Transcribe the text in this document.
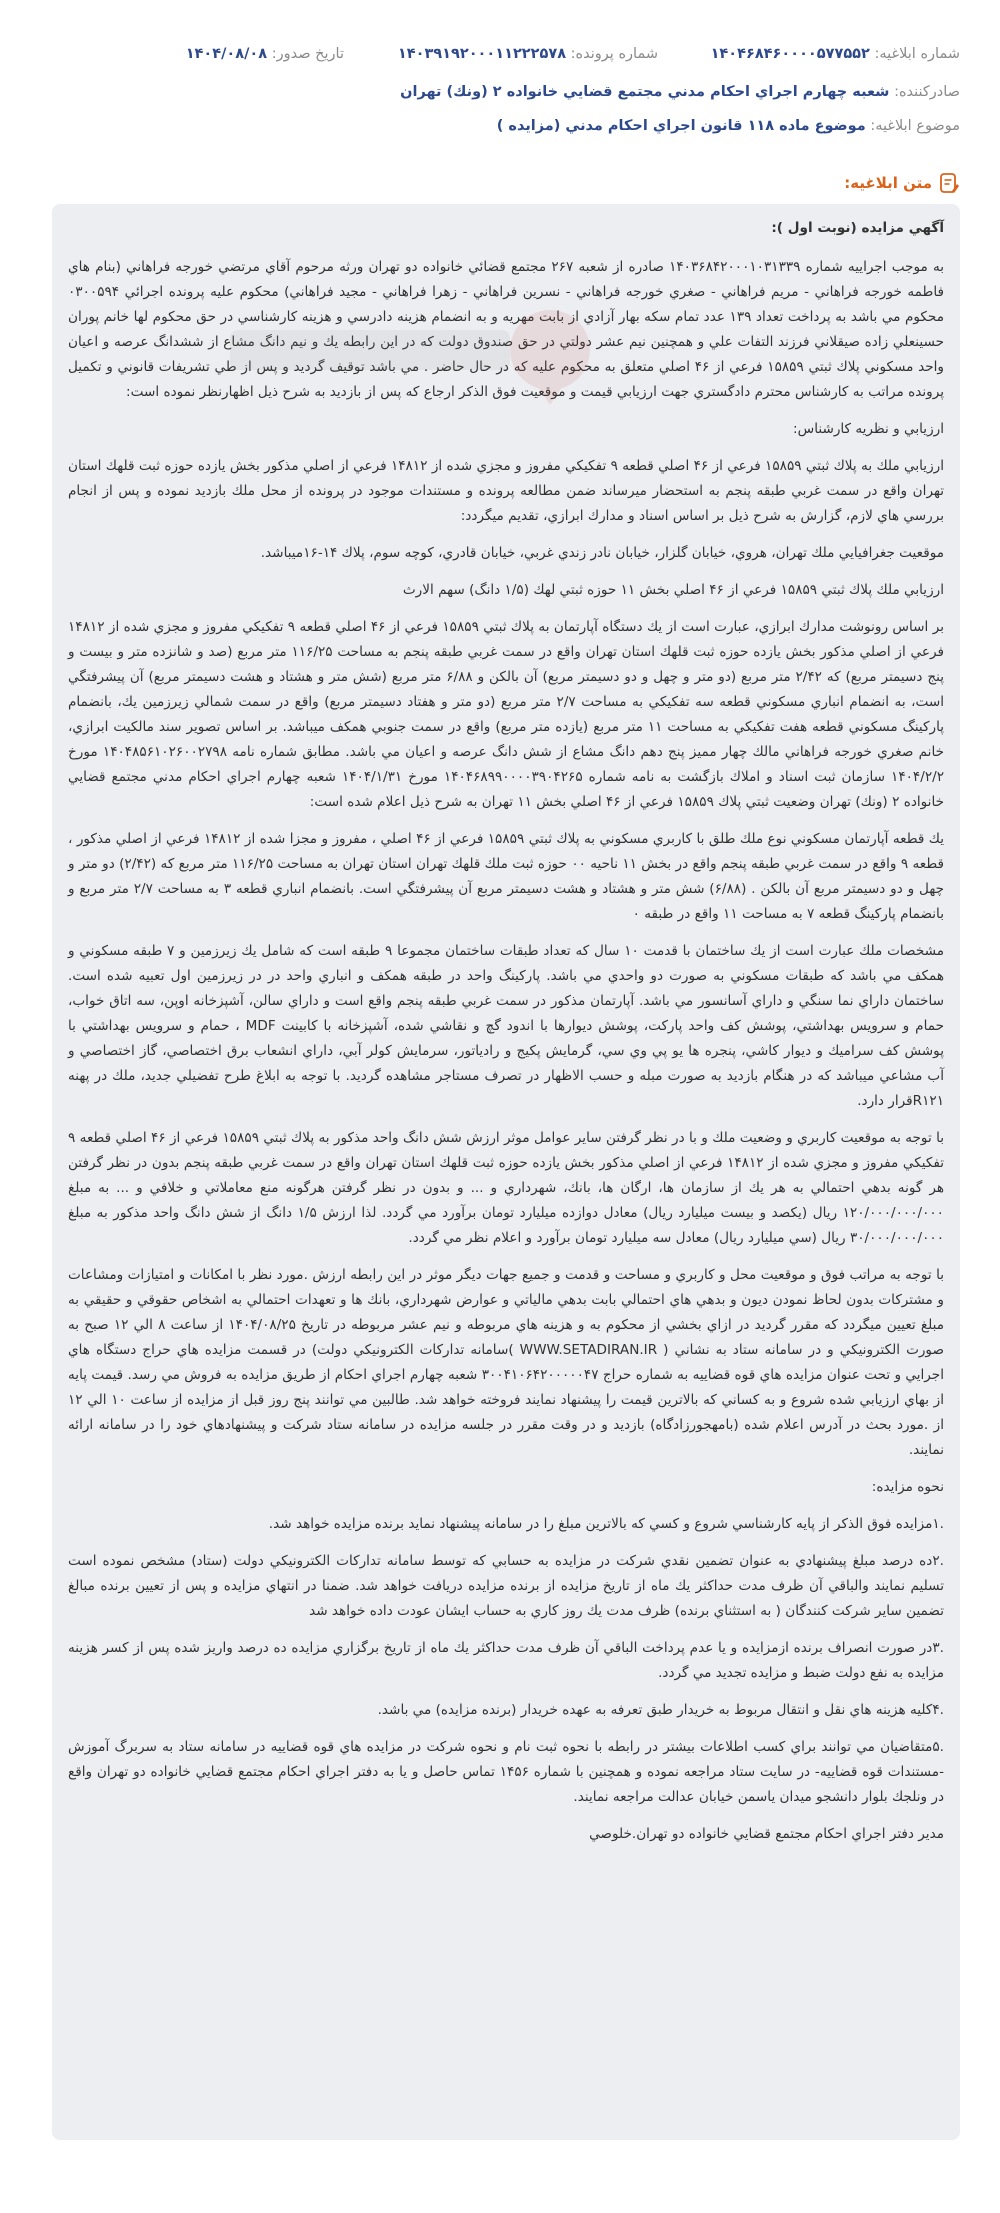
شماره ابلاغیه: ۱۴۰۴۶۸۴۶۰۰۰۰۵۷۷۵۵۲
شماره پرونده: ۱۴۰۳۹۱۹۲۰۰۰۱۱۲۲۲۵۷۸
تاریخ صدور: ۱۴۰۴/۰۸/۰۸
صادرکننده: شعبه چهارم اجراي احكام مدني مجتمع قضايي خانواده ۲ (ونك) تهران
موضوع ابلاغیه: موضوع ماده ۱۱۸ قانون اجراي احكام مدني (مزايده )
متن ابلاغیه:

آگهي مزايده (نوبت اول ):

به موجب اجراييه شماره ۱۴۰۳۶۸۴۲۰۰۰۱۰۳۱۳۳۹ صادره از شعبه ۲۶۷ مجتمع قضائي خانواده دو تهران ورثه مرحوم آقاي مرتضي خورجه فراهاني (بنام هاي فاطمه خورجه فراهاني - مريم فراهاني - صغري خورجه فراهاني - نسرين فراهاني - زهرا فراهاني - مجيد فراهاني) محكوم عليه پرونده اجرائي ۰۳۰۰۵۹۴ محكوم مي باشد به پرداخت تعداد ۱۳۹ عدد تمام سكه بهار آزادي از بابت مهريه و به انضمام هزينه دادرسي و هزينه كارشناسي در حق محكوم لها خانم پوران حسينعلي زاده صيقلاني فرزند التفات علي و همچنين نيم عشر دولتي در حق صندوق دولت كه در اين رابطه يك و نيم دانگ مشاع از ششدانگ عرصه و اعيان واحد مسكوني پلاك ثبتي ۱۵۸۵۹ فرعي از ۴۶ اصلي متعلق به محكوم عليه كه در حال حاضر . مي باشد توقيف گرديد و پس از طي تشريفات قانوني و تكميل پرونده مراتب به كارشناس محترم دادگستري جهت ارزيابي قيمت و موقعيت فوق الذكر ارجاع كه پس از بازديد به شرح ذيل اظهارنظر نموده است:

ارزيابي و نظريه كارشناس:

ارزيابي ملك به پلاك ثبتي ۱۵۸۵۹ فرعي از ۴۶ اصلي قطعه ۹ تفكيكي مفروز و مجزي شده از ۱۴۸۱۲ فرعي از اصلي مذكور بخش يازده حوزه ثبت قلهك استان تهران واقع در سمت غربي طبقه پنجم به استحضار ميرساند ضمن مطالعه پرونده و مستندات موجود در پرونده از محل ملك بازديد نموده و پس از انجام بررسي هاي لازم، گزارش به شرح ذيل بر اساس اسناد و مدارك ابرازي، تقديم ميگردد:

موقعيت جغرافيايي ملك تهران، هروي، خيابان گلزار، خيابان نادر زندي غربي، خيابان قادري، كوچه سوم، پلاك ۱۴-۱۶ميباشد.

ارزيابي ملك پلاك ثبتي ۱۵۸۵۹ فرعي از ۴۶ اصلي بخش ۱۱ حوزه ثبتي لهك (۱/۵ دانگ) سهم الارث

بر اساس رونوشت مدارك ابرازي، عبارت است از يك دستگاه آپارتمان به پلاك ثبتي ۱۵۸۵۹ فرعي از ۴۶ اصلي قطعه ۹ تفكيكي مفروز و مجزي شده از ۱۴۸۱۲ فرعي از اصلي مذكور بخش يازده حوزه ثبت قلهك استان تهران واقع در سمت غربي طبقه پنجم به مساحت ۱۱۶/۲۵ متر مربع (صد و شانزده متر و بيست و پنج دسيمتر مربع) كه ۲/۴۲ متر مربع (دو متر و چهل و دو دسيمتر مربع) آن بالكن و ۶/۸۸ متر مربع (شش متر و هشتاد و هشت دسيمتر مربع) آن پيشرفتگي است، به انضمام انباري مسكوني قطعه سه تفكيكي به مساحت ۲/۷ متر مربع (دو متر و هفتاد دسيمتر مربع) واقع در سمت شمالي زيرزمين يك، بانضمام پاركينگ مسكوني قطعه هفت تفكيكي به مساحت ۱۱ متر مربع (يازده متر مربع) واقع در سمت جنوبي همكف ميباشد. بر اساس تصوير سند مالكيت ابرازي، خانم صغري خورجه فراهاني مالك چهار مميز پنج دهم دانگ مشاع از شش دانگ عرصه و اعيان مي باشد. مطابق شماره نامه ۱۴۰۴۸۵۶۱۰۲۶۰۰۲۷۹۸ مورخ ۱۴۰۴/۲/۲ سازمان ثبت اسناد و املاك بازگشت به نامه شماره ۱۴۰۴۶۸۹۹۰۰۰۰۳۹۰۴۲۶۵ مورخ ۱۴۰۴/۱/۳۱ شعبه چهارم اجراي احكام مدني مجتمع قضايي خانواده ۲ (ونك) تهران وضعيت ثبتي پلاك ۱۵۸۵۹ فرعي از ۴۶ اصلي بخش ۱۱ تهران به شرح ذيل اعلام شده است:

يك قطعه آپارتمان مسكوني نوع ملك طلق با كاربري مسكوني به پلاك ثبتي ۱۵۸۵۹ فرعي از ۴۶ اصلي ، مفروز و مجزا شده از ۱۴۸۱۲ فرعي از اصلي مذكور ، قطعه ۹ واقع در سمت غربي طبقه پنجم واقع در بخش ۱۱ ناحيه ۰۰ حوزه ثبت ملك قلهك تهران استان تهران به مساحت ۱۱۶/۲۵ متر مربع كه (۲/۴۲) دو متر و چهل و دو دسيمتر مربع آن بالكن . (۶/۸۸) شش متر و هشتاد و هشت دسيمتر مربع آن پيشرفتگي است. بانضمام انباري قطعه ۳ به مساحت ۲/۷ متر مربع و بانضمام پاركينگ قطعه ۷ به مساحت ۱۱ واقع در طبقه ۰

مشخصات ملك عبارت است از يك ساختمان با قدمت ۱۰ سال كه تعداد طبقات ساختمان مجموعا ۹ طبقه است كه شامل يك زيرزمين و ۷ طبقه مسكوني و همكف مي باشد كه طبقات مسكوني به صورت دو واحدي مي باشد. پاركينگ واحد در طبقه همكف و انباري واحد در در زيرزمين اول تعبيه شده است. ساختمان داراي نما سنگي و داراي آسانسور مي باشد. آپارتمان مذكور در سمت غربي طبقه پنجم واقع است و داراي سالن، آشپزخانه اوپن، سه اتاق خواب، حمام و سرويس بهداشتي، پوشش كف واحد پاركت، پوشش ديوارها با اندود گچ و نقاشي شده، آشپزخانه با كابينت MDF ، حمام و سرويس بهداشتي با پوشش كف سراميك و ديوار كاشي، پنجره ها يو پي وي سي، گرمايش پكيج و رادياتور، سرمايش كولر آبي، داراي انشعاب برق اختصاصي، گاز اختصاصي و آب مشاعي ميباشد كه در هنگام بازديد به صورت مبله و حسب الاظهار در تصرف مستاجر مشاهده گرديد. با توجه به ابلاغ طرح تفضيلي جديد، ملك در پهنه R۱۲۱قرار دارد.

با توجه به موقعيت كاربري و وضعيت ملك و با در نظر گرفتن ساير عوامل موثر ارزش شش دانگ واحد مذكور به پلاك ثبتي ۱۵۸۵۹ فرعي از ۴۶ اصلي قطعه ۹ تفكيكي مفروز و مجزي شده از ۱۴۸۱۲ فرعي از اصلي مذكور بخش يازده حوزه ثبت قلهك استان تهران واقع در سمت غربي طبقه پنجم بدون در نظر گرفتن هر گونه بدهي احتمالي به هر يك از سازمان ها، ارگان ها، بانك، شهرداري و ... و بدون در نظر گرفتن هرگونه منع معاملاتي و خلافي و ... به مبلغ ۱۲۰/۰۰۰/۰۰۰/۰۰۰ ريال (يكصد و بيست ميليارد ريال) معادل دوازده ميليارد تومان برآورد مي گردد. لذا ارزش ۱/۵ دانگ از شش دانگ واحد مذكور به مبلغ ۳۰/۰۰۰/۰۰۰/۰۰۰ ريال (سي ميليارد ريال) معادل سه ميليارد تومان برآورد و اعلام نظر مي گردد.

با توجه به مراتب فوق و موقعيت محل و كاربري و مساحت و قدمت و جميع جهات ديگر موثر در اين رابطه ارزش .مورد نظر با امكانات و امتيازات ومشاعات و مشتركات بدون لحاظ نمودن ديون و بدهي هاي احتمالي بابت بدهي مالياتي و عوارض شهرداري، بانك ها و تعهدات احتمالي به اشخاص حقوقي و حقيقي به مبلغ تعيين ميگردد كه مقرر گرديد در ازاي بخشي از محكوم به و هزينه هاي مربوطه و نيم عشر مربوطه در تاريخ ۱۴۰۴/۰۸/۲۵ از ساعت ۸ الي ۱۲ صبح به صورت الكترونيكي و در سامانه ستاد به نشاني ( WWW.SETADIRAN.IR )سامانه تداركات الكترونيكي دولت) در قسمت مزايده هاي حراج دستگاه هاي اجرايي و تحت عنوان مزايده هاي قوه قضاييه به شماره حراج ۳۰۰۴۱۰۶۴۲۰۰۰۰۰۴۷ شعبه چهارم اجراي احكام از طريق مزايده به فروش مي رسد. قيمت پايه از بهاي ارزيابي شده شروع و به كساني كه بالاترين قيمت را پيشنهاد نمايند فروخته خواهد شد. طالبين مي توانند پنج روز قبل از مزايده از ساعت ۱۰ الي ۱۲ از .مورد بحث در آدرس اعلام شده (بامهجورزادگاه) بازديد و در وقت مقرر در جلسه مزايده در سامانه ستاد شركت و پيشنهادهاي خود را در سامانه ارائه نمايند.

نحوه مزايده:

.۱مزايده فوق الذكر از پايه كارشناسي شروع و كسي كه بالاترين مبلغ را در سامانه پيشنهاد نمايد برنده مزايده خواهد شد.

.۲ده درصد مبلغ پيشنهادي به عنوان تضمين نقدي شركت در مزايده به حسابي كه توسط سامانه تداركات الكترونيكي دولت (ستاد) مشخص نموده است تسليم نمايند والباقي آن ظرف مدت حداكثر يك ماه از تاريخ مزايده از برنده مزايده دريافت خواهد شد. ضمنا در انتهاي مزايده و پس از تعيين برنده مبالغ تضمين ساير شركت كنندگان ( به استثناي برنده) ظرف مدت يك روز كاري به حساب ايشان عودت داده خواهد شد

.۳در صورت انصراف برنده ازمزايده و يا عدم پرداخت الباقي آن ظرف مدت حداكثر يك ماه از تاريخ برگزاري مزايده ده درصد واريز شده پس از كسر هزينه مزايده به نفع دولت ضبط و مزايده تجديد مي گردد.

.۴كليه هزينه هاي نقل و انتقال مربوط به خريدار طبق تعرفه به عهده خريدار (برنده مزايده) مي باشد.

.۵متقاضيان مي توانند براي كسب اطلاعات بيشتر در رابطه با نحوه ثبت نام و نحوه شركت در مزايده هاي قوه قضاييه در سامانه ستاد به سربرگ آموزش -مستندات قوه قضاييه- در سايت ستاد مراجعه نموده و همچنين با شماره ۱۴۵۶ تماس حاصل و يا به دفتر اجراي احكام مجتمع قضايي خانواده دو تهران واقع در ونلجك بلوار دانشجو ميدان ياسمن خيابان عدالت مراجعه نمايند.

مدير دفتر اجراي احكام مجتمع قضايي خانواده دو تهران.خلوصي
